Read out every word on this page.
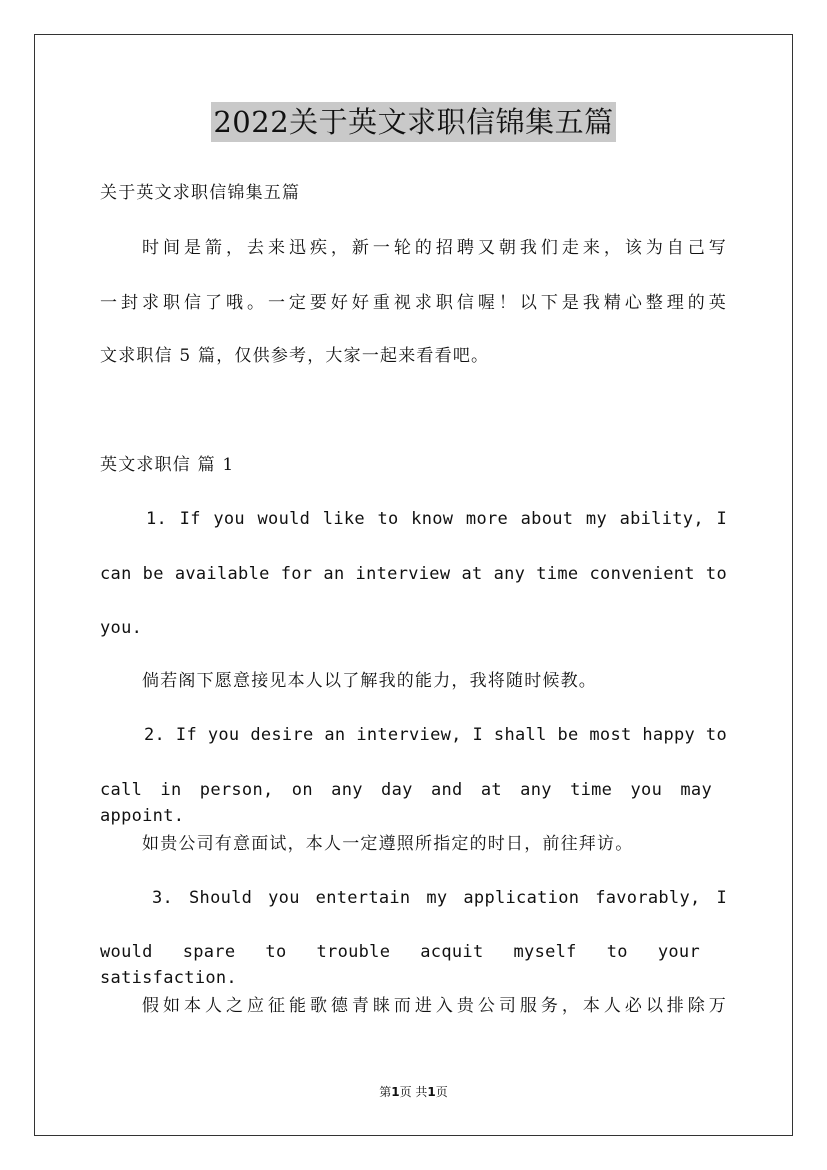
2022关于英文求职信锦集五篇
关于英文求职信锦集五篇
时间是箭，去来迅疾，新一轮的招聘又朝我们走来，该为自己写
一封求职信了哦。一定要好好重视求职信喔！以下是我精心整理的英
文求职信 5 篇，仅供参考，大家一起来看看吧。
英文求职信 篇 1
1. If you would like to know more about my ability, I
can be available for an interview at any time convenient to
you.
倘若阁下愿意接见本人以了解我的能力，我将随时候教。
2. If you desire an interview, I shall be most happy to
call in person, on any day and at any time you may appoint.
如贵公司有意面试，本人一定遵照所指定的时日，前往拜访。
3. Should you entertain my application favorably, I
would spare to trouble acquit myself to your satisfaction.
假如本人之应征能歌德青睐而进入贵公司服务，本人必以排除万
第1页 共1页
